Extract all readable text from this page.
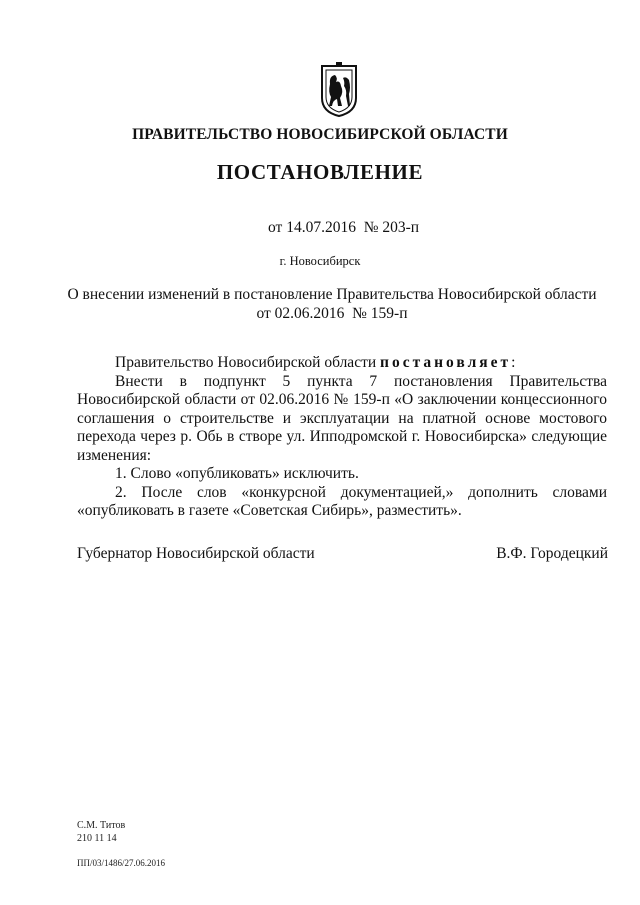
ПРАВИТЕЛЬСТВО НОВОСИБИРСКОЙ ОБЛАСТИ
ПОСТАНОВЛЕНИЕ
от 14.07.2016 № 203-п
г. Новосибирск
О внесении изменений в постановление Правительства Новосибирской области
от 02.06.2016  № 159-п

Правительство Новосибирской области постановляет:

Внести в подпункт 5 пункта 7 постановления Правительства Новосибирской области от 02.06.2016 № 159-п «О заключении концессионного соглашения о строительстве и эксплуатации на платной основе мостового перехода через р. Обь в створе ул. Ипподромской г. Новосибирска» следующие изменения:

1. Слово «опубликовать» исключить.

2. После слов «конкурсной документацией,» дополнить словами

«опубликовать в газете «Советская Сибирь», разместить».

Губернатор Новосибирской области	В.Ф. Городецкий
С.М. Титов
210 11 14
ПП/03/1486/27.06.2016
